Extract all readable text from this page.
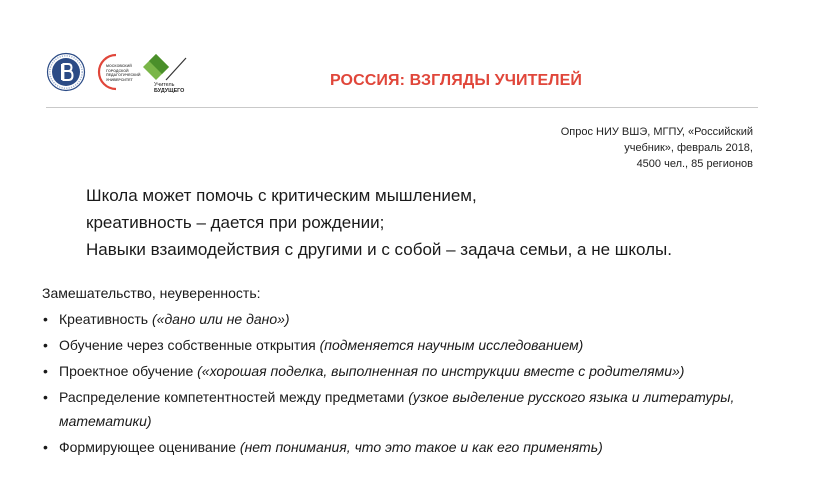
МОСКОВСКИЙ ГОРОДСКОЙ ПЕДАГОГИЧЕСКИЙ УНИВЕРСИТЕТ
Учитель
БУДУЩЕГО
РОССИЯ: ВЗГЛЯДЫ УЧИТЕЛЕЙ
Опрос НИУ ВШЭ, МГПУ, «Российский
учебник», февраль 2018,
4500 чел., 85 регионов
Школа может помочь с критическим мышлением,
креативность – дается при рождении;
Навыки взаимодействия с другими и с собой – задача семьи, а не школы.
Замешательство, неуверенность:
• Креативность («дано или не дано»)
• Обучение через собственные открытия (подменяется научным исследованием)
• Проектное обучение («хорошая поделка, выполненная по инструкции вместе с родителями»)
• Распределение компетентностей между предметами (узкое выделение русского языка и литературы, математики)
• Формирующее оценивание (нет понимания, что это такое и как его применять)
